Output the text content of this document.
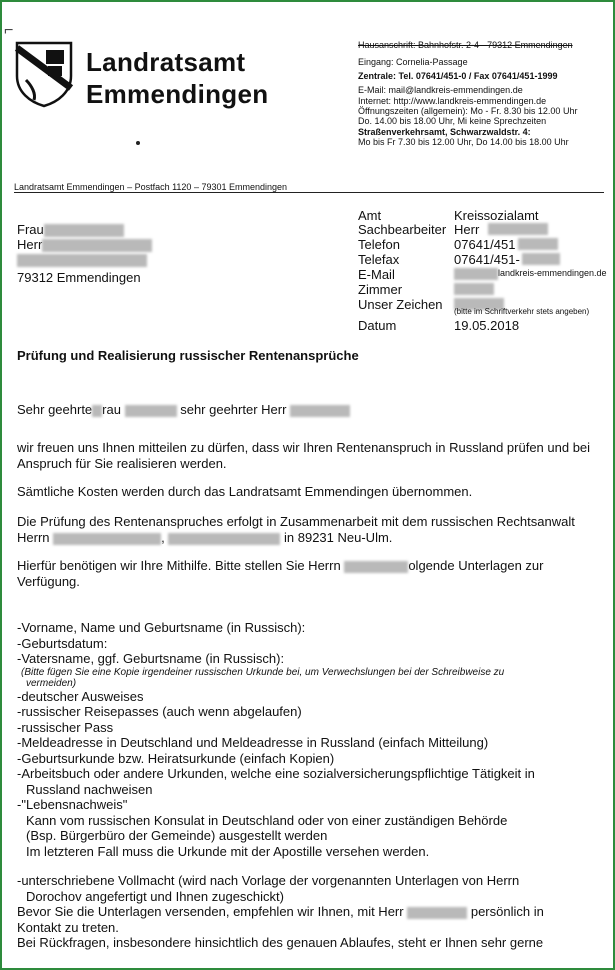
⌐
Landratsamt
Emmendingen
Hausanschrift: Bahnhofstr. 2-4 · 79312 Emmendingen
Eingang: Cornelia-Passage
Zentrale: Tel. 07641/451-0 / Fax 07641/451-1999
E-Mail: mail@landkreis-emmendingen.de
Internet: http://www.landkreis-emmendingen.de
Öffnungszeiten (allgemein): Mo - Fr. 8.30 bis 12.00 Uhr
Do. 14.00 bis 18.00 Uhr, Mi keine Sprechzeiten
Straßenverkehrsamt, Schwarzwaldstr. 4:
Mo bis Fr 7.30 bis 12.00 Uhr, Do 14.00 bis 18.00 Uhr
Landratsamt Emmendingen – Postfach 1120 – 79301 Emmendingen
Frau
Herr
79312 Emmendingen
Amt	Kreissozialamt
Sachbearbeiter Herr
Telefon	07641/451
Telefax	07641/451-
E-Mail	landkreis-emmendingen.de
Zimmer
Unser Zeichen (bitte im Schriftverkehr stets angeben)
Datum	19.05.2018
Prüfung und Realisierung russischer Rentenansprüche

Sehr geehrte rau	sehr geehrter Herr

wir freuen uns Ihnen mitteilen zu dürfen, dass wir Ihren Rentenanspruch in Russland prüfen und bei Anspruch für Sie realisieren werden.

Sämtliche Kosten werden durch das Landratsamt Emmendingen übernommen.

Die Prüfung des Rentenanspruches erfolgt in Zusammenarbeit mit dem russischen Rechtsanwalt Herrn	,	in 89231 Neu-Ulm.

Hierfür benötigen wir Ihre Mithilfe. Bitte stellen Sie Herrn	olgende Unterlagen zur Verfügung.

-Vorname, Name und Geburtsname (in Russisch):
-Geburtsdatum:
-Vatersname, ggf. Geburtsname (in Russisch):
(Bitte fügen Sie eine Kopie irgendeiner russischen Urkunde bei, um Verwechslungen bei der Schreibweise zu
vermeiden)
-deutscher Ausweises
-russischer Reisepasses (auch wenn abgelaufen)
-russischer Pass
-Meldeadresse in Deutschland und Meldeadresse in Russland (einfach Mitteilung)
-Geburtsurkunde bzw. Heiratsurkunde (einfach Kopien)
-Arbeitsbuch oder andere Urkunden, welche eine sozialversicherungspflichtige Tätigkeit in
Russland nachweisen
-"Lebensnachweis"
Kann vom russischen Konsulat in Deutschland oder von einer zuständigen Behörde
(Bsp. Bürgerbüro der Gemeinde) ausgestellt werden
Im letzteren Fall muss die Urkunde mit der Apostille versehen werden.
-unterschriebene Vollmacht (wird nach Vorlage der vorgenannten Unterlagen von Herrn
Dorochov angefertigt und Ihnen zugeschickt)
Bevor Sie die Unterlagen versenden, empfehlen wir Ihnen, mit Herr	persönlich in
Kontakt zu treten.
Bei Rückfragen, insbesondere hinsichtlich des genauen Ablaufes, steht er Ihnen sehr gerne
